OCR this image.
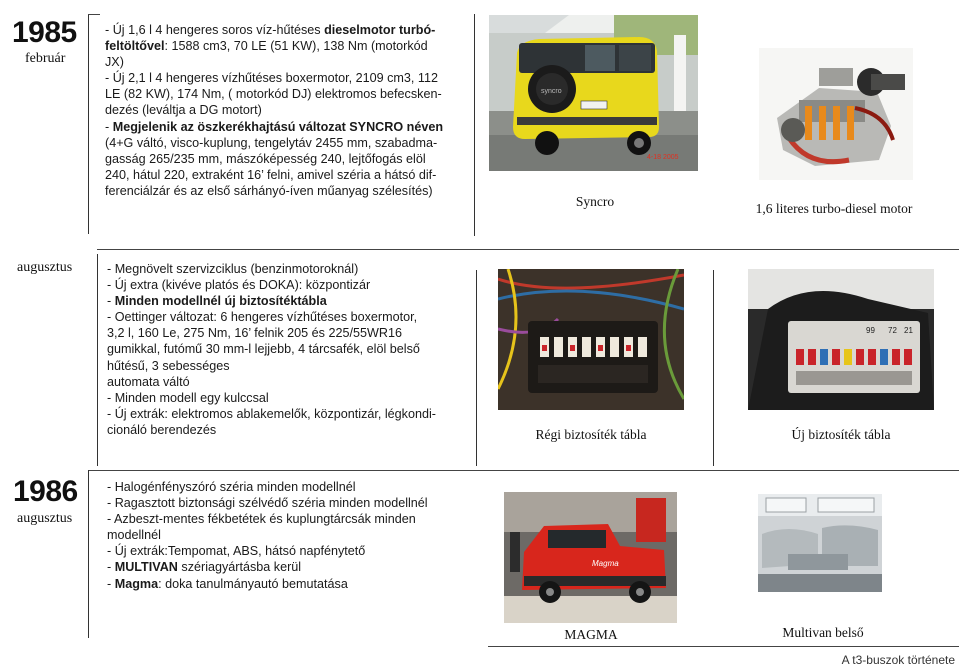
1985
február

- Új 1,6 l 4 hengeres soros víz-hűtéses dieselmotor turbó-

feltöltővel: 1588 cm3, 70 LE (51 KW), 138 Nm (motorkód

JX)

- Új 2,1 l 4 hengeres vízhűtéses boxermotor, 2109 cm3, 112

LE (82 KW), 174 Nm, ( motorkód DJ) elektromos befecsken-

dezés (leváltja a DG motort)

- Megjelenik az öszkerékhajtású változat SYNCRO néven

(4+G váltó, visco-kuplung, tengelytáv 2455 mm, szabadma-

gasság 265/235 mm, mászóképesség 240, lejtőfogás elöl

240, hátul 220, extraként 16’ felni, amivel széria a hátsó dif-

ferenciálzár és az első sárhányó-íven műanyag szélesítés)

syncro
4-18 2005
Syncro	1,6 literes turbo-diesel motor
augusztus	- Megnövelt szervizciklus (benzinmotoroknál)

- Új extra (kivéve platós és DOKA): központizár

- Minden modellnél új biztosítéktábla

- Oettinger változat: 6 hengeres vízhűtéses boxermotor,

3,2 l, 160 Le, 275 Nm, 16’ felnik 205 és 225/55WR16

gumikkal, futómű 30 mm-l lejjebb, 4 tárcsafék, elöl belső

hűtésű, 3 sebességes

automata váltó

- Minden modell egy kulccsal

- Új extrák: elektromos ablakemelők, központizár, légkondi-

cionáló berendezés	Régi biztosíték tábla
99 72 21
Új biztosíték tábla
1986
augusztus

- Halogénfényszóró széria minden modellnél

- Ragasztott biztonsági szélvédő széria minden modellnél

- Azbeszt-mentes fékbetétek és kuplungtárcsák minden

modellnél

- Új extrák:Tempomat, ABS, hátsó napfénytető

- MULTIVAN szériagyártásba kerül

- Magma: doka tanulmányautó bemutatása

Magma
MAGMA	Multivan belső
A t3-buszok története
